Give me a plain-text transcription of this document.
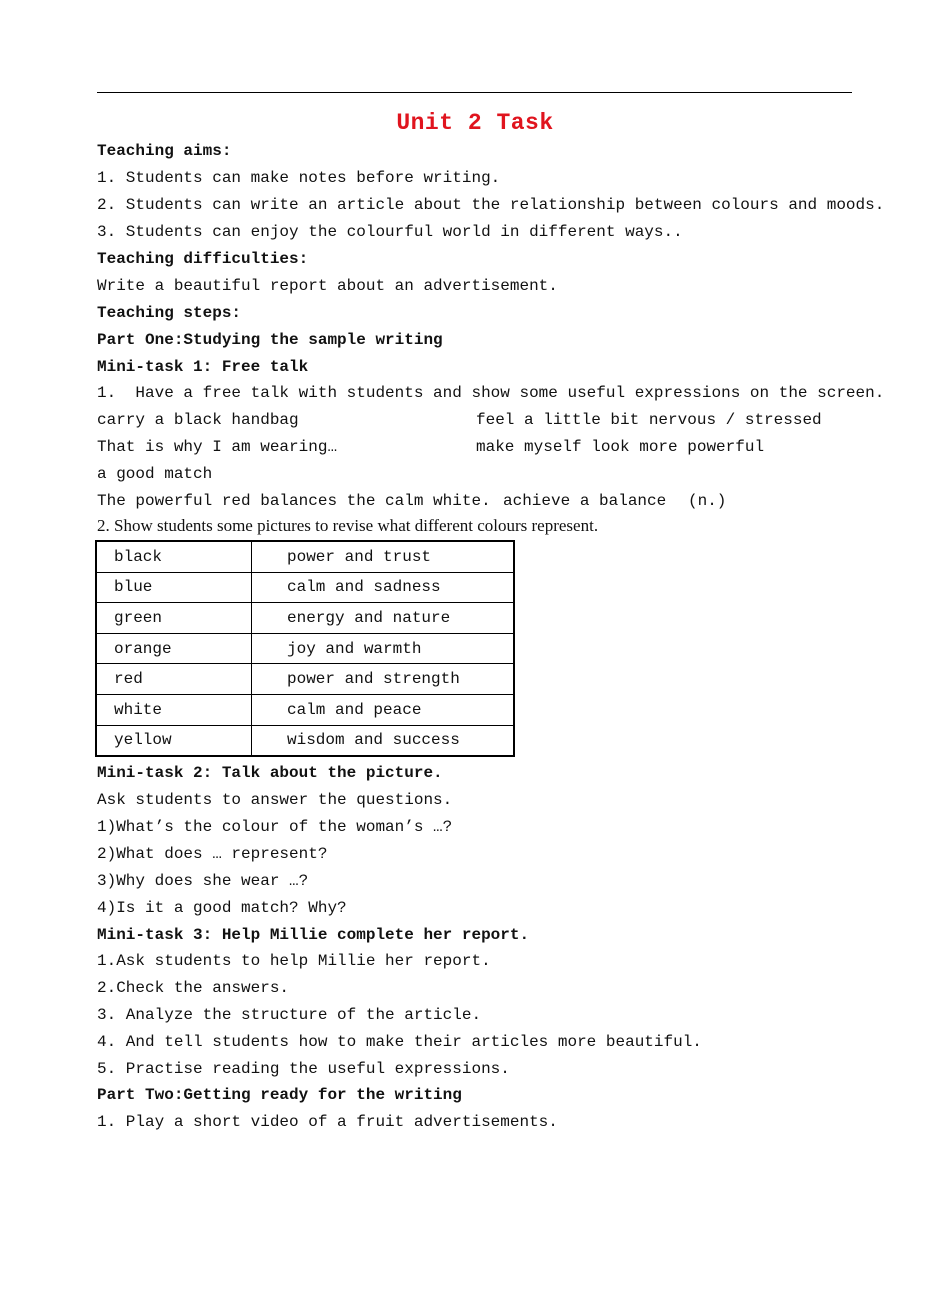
Unit 2 Task
Teaching aims:
1. Students can make notes before writing.
2. Students can write an article about the relationship between colours and moods.
3. Students can enjoy the colourful world in different ways..
Teaching difficulties:
Write a beautiful report about an advertisement.
Teaching steps:
Part One:Studying the sample writing
Mini-task 1: Free talk
1.  Have a free talk with students and show some useful expressions on the screen.
carry a black handbag	feel a little bit nervous / stressed
That is why I am wearing…	make myself look more powerful
a good match
The powerful red balances the calm white. achieve a balance (n.)
2. Show students some pictures to revise what different colours represent.
black	power and trust
blue	calm and sadness
green	energy and nature
orange	joy and warmth
red	power and strength
white	calm and peace
yellow	wisdom and success
Mini-task 2: Talk about the picture.
Ask students to answer the questions.
1)What’s the colour of the woman’s …?
2)What does … represent?
3)Why does she wear …?
4)Is it a good match? Why?
Mini-task 3: Help Millie complete her report.
1.Ask students to help Millie her report.
2.Check the answers.
3. Analyze the structure of the article.
4. And tell students how to make their articles more beautiful.
5. Practise reading the useful expressions.
Part Two:Getting ready for the writing
1. Play a short video of a fruit advertisements.
